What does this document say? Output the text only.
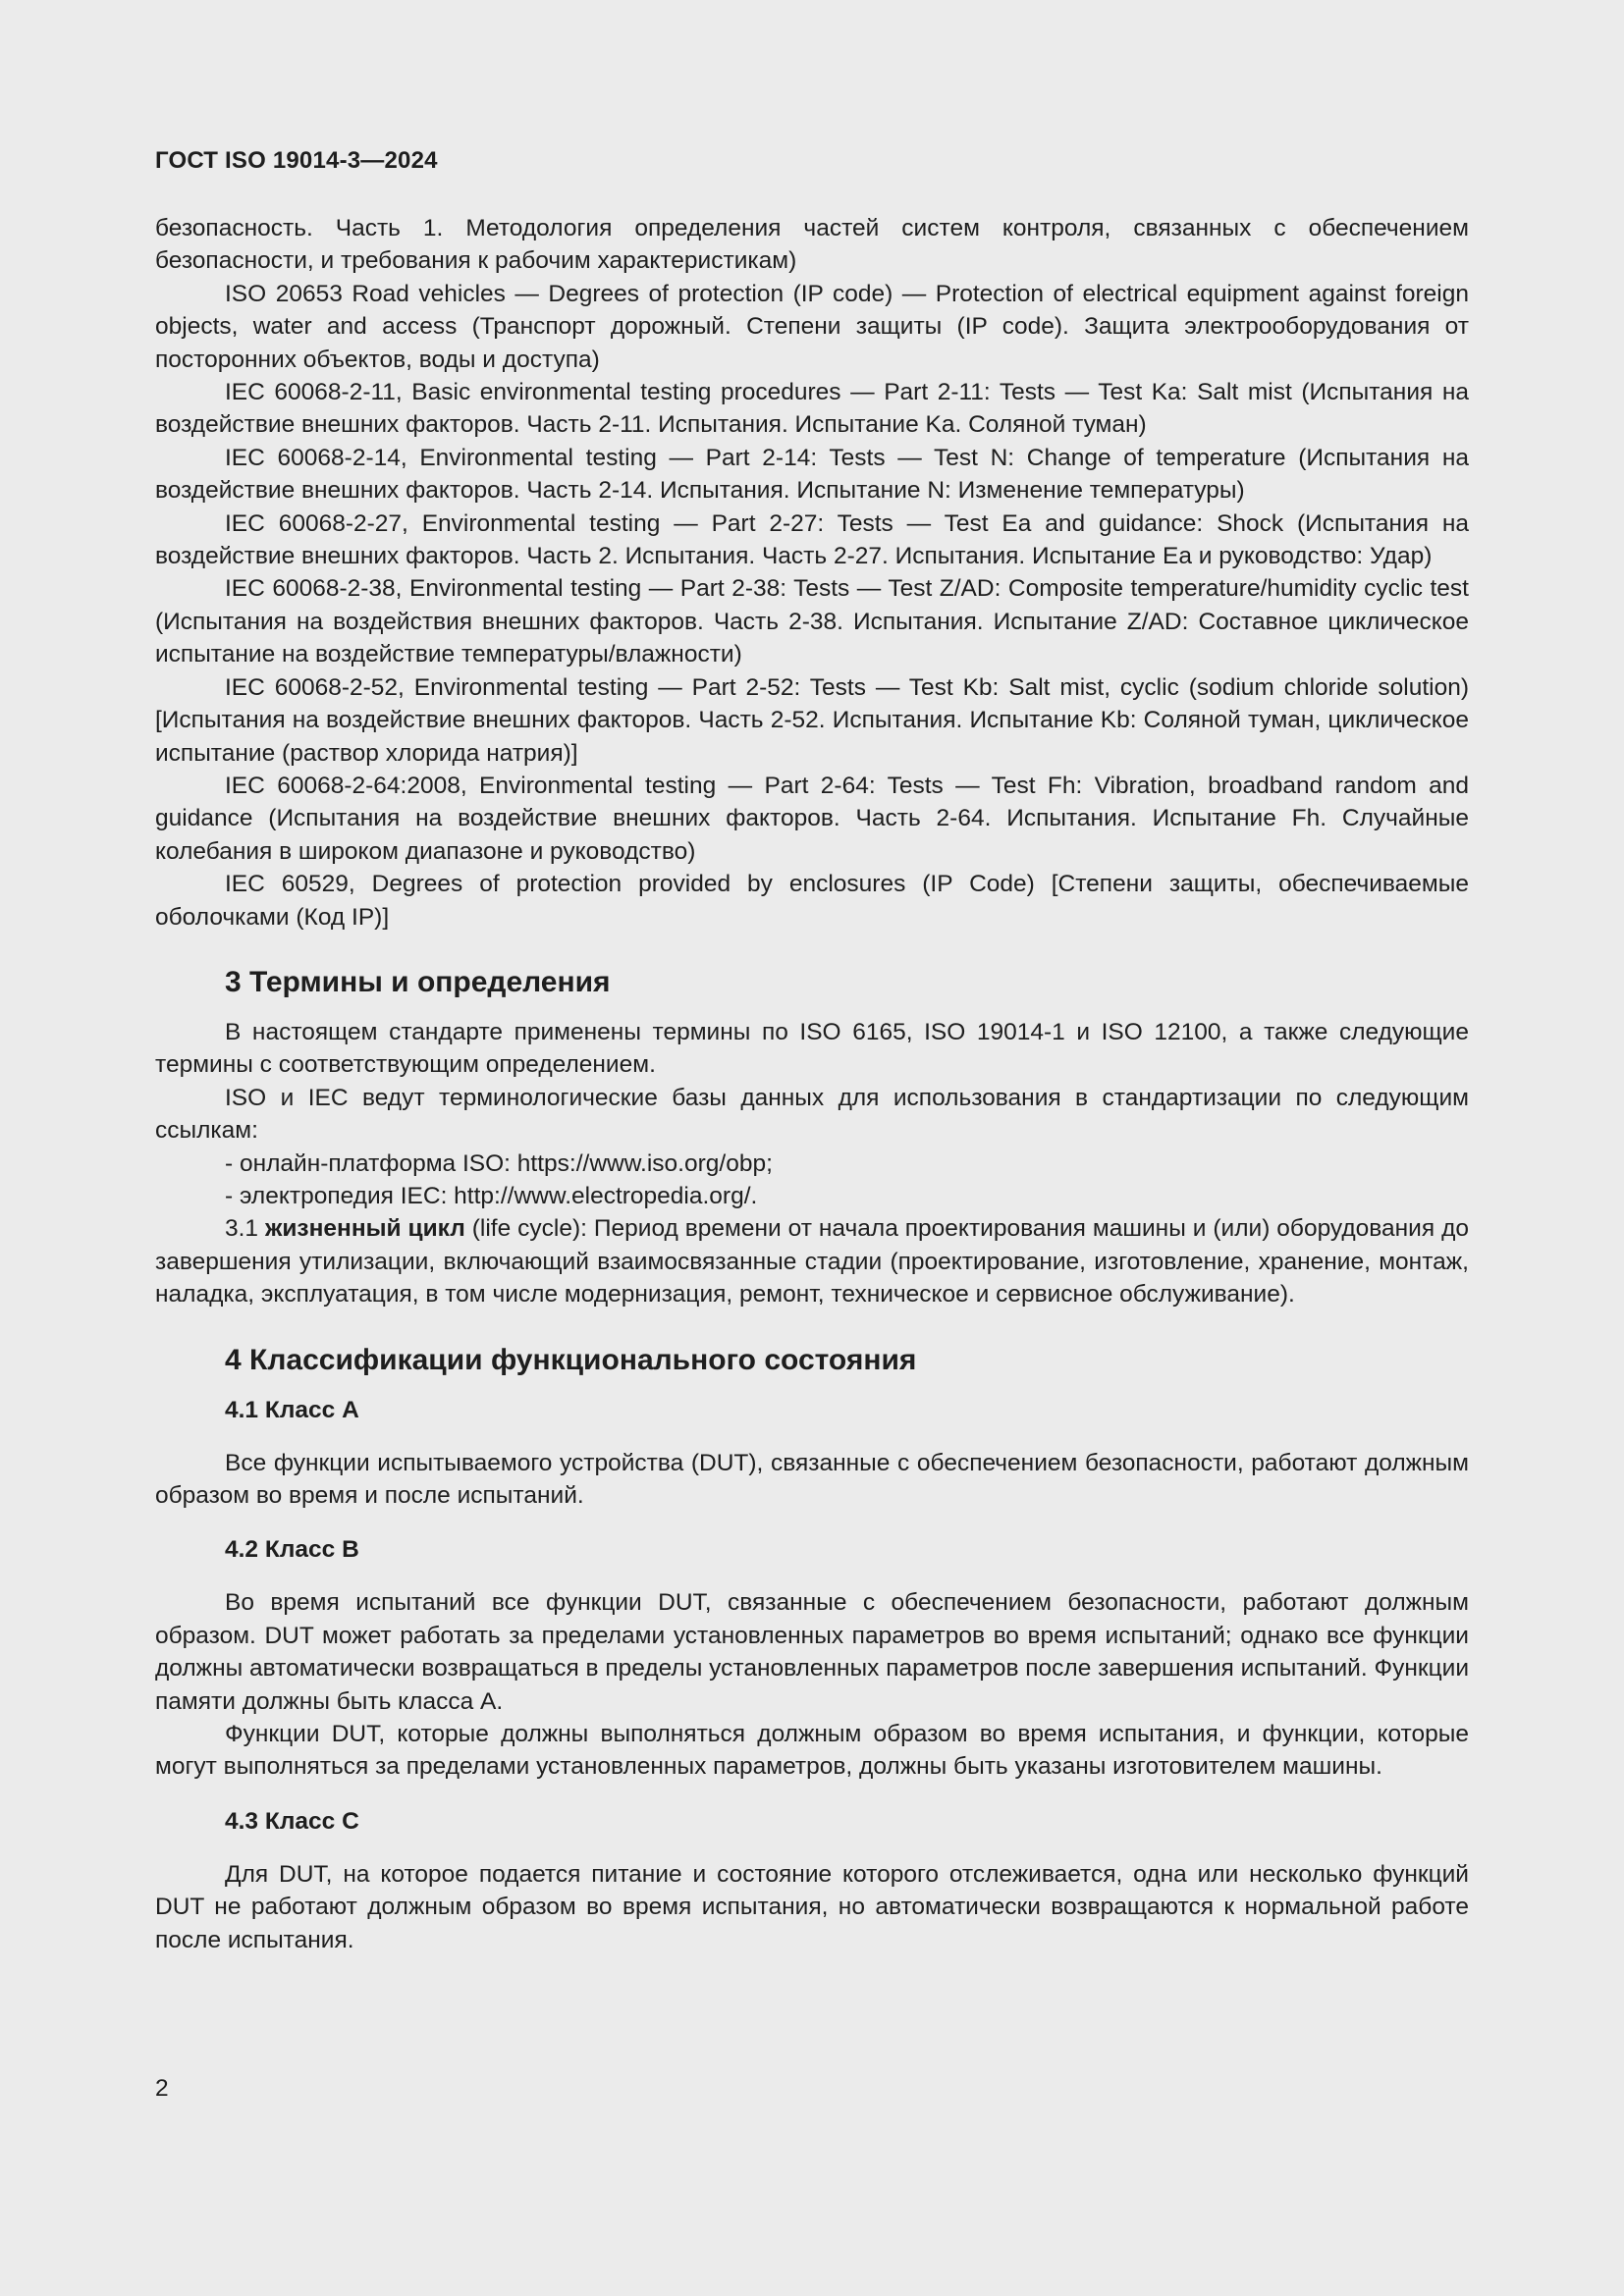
ГОСТ ISO 19014-3—2024

безопасность. Часть 1. Методология определения частей систем контроля, связанных с обеспечением безопасности, и требования к рабочим характеристикам)

ISO 20653 Road vehicles — Degrees of protection (IP code) — Protection of electrical equipment against foreign objects, water and access (Транспорт дорожный. Степени защиты (IP code). Защита электрооборудования от посторонних объектов, воды и доступа)

IEC 60068-2-11, Basic environmental testing procedures — Part 2-11: Tests — Test Ka: Salt mist (Испытания на воздействие внешних факторов. Часть 2-11. Испытания. Испытание Ka. Соляной туман)

IEC 60068-2-14, Environmental testing — Part 2-14: Tests — Test N: Change of temperature (Испытания на воздействие внешних факторов. Часть 2-14. Испытания. Испытание N: Изменение температуры)

IEC 60068-2-27, Environmental testing — Part 2-27: Tests — Test Ea and guidance: Shock (Испытания на воздействие внешних факторов. Часть 2. Испытания. Часть 2-27. Испытания. Испытание Ea и руководство: Удар)

IEC 60068-2-38, Environmental testing — Part 2-38: Tests — Test Z/AD: Composite temperature/humidity cyclic test (Испытания на воздействия внешних факторов. Часть 2-38. Испытания. Испытание Z/AD: Составное циклическое испытание на воздействие температуры/влажности)

IEC 60068-2-52, Environmental testing — Part 2-52: Tests — Test Kb: Salt mist, cyclic (sodium chloride solution) [Испытания на воздействие внешних факторов. Часть 2-52. Испытания. Испытание Kb: Соляной туман, циклическое испытание (раствор хлорида натрия)]

IEC 60068-2-64:2008, Environmental testing — Part 2-64: Tests — Test Fh: Vibration, broadband random and guidance (Испытания на воздействие внешних факторов. Часть 2-64. Испытания. Испытание Fh. Случайные колебания в широком диапазоне и руководство)

IEC 60529, Degrees of protection provided by enclosures (IP Code) [Степени защиты, обеспечиваемые оболочками (Код IP)]

3 Термины и определения

В настоящем стандарте применены термины по ISO 6165, ISO 19014-1 и ISO 12100, а также следующие термины с соответствующим определением.

ISO и IEC ведут терминологические базы данных для использования в стандартизации по следующим ссылкам:

- онлайн-платформа ISO: https://www.iso.org/obp;

- электропедия IEC: http://www.electropedia.org/.

3.1 жизненный цикл (life cycle): Период времени от начала проектирования машины и (или) оборудования до завершения утилизации, включающий взаимосвязанные стадии (проектирование, изготовление, хранение, монтаж, наладка, эксплуатация, в том числе модернизация, ремонт, техническое и сервисное обслуживание).

4 Классификации функционального состояния
4.1 Класс А

Все функции испытываемого устройства (DUT), связанные с обеспечением безопасности, работают должным образом во время и после испытаний.

4.2 Класс В

Во время испытаний все функции DUT, связанные с обеспечением безопасности, работают должным образом. DUT может работать за пределами установленных параметров во время испытаний; однако все функции должны автоматически возвращаться в пределы установленных параметров после завершения испытаний. Функции памяти должны быть класса А.

Функции DUT, которые должны выполняться должным образом во время испытания, и функции, которые могут выполняться за пределами установленных параметров, должны быть указаны изготовителем машины.

4.3 Класс С

Для DUT, на которое подается питание и состояние которого отслеживается, одна или несколько функций DUT не работают должным образом во время испытания, но автоматически возвращаются к нормальной работе после испытания.

2
